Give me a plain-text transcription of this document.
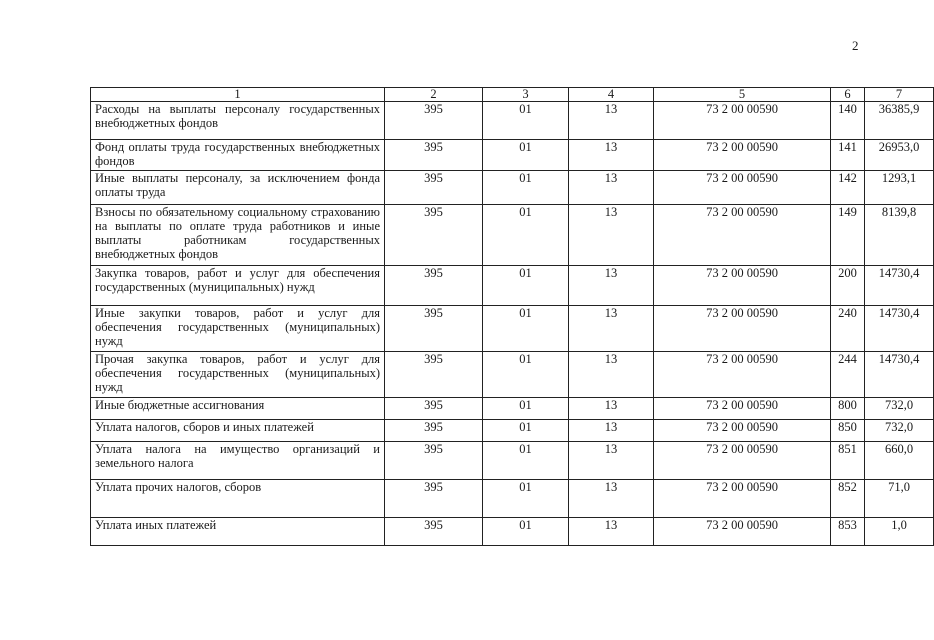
2
1	2	3	4	5	6	7
Расходы на выплаты персоналу государственных внебюджетных фондов	395	01	13	73 2 00 00590	140	36385,9
Фонд оплаты труда государственных внебюджетных фондов	395	01	13	73 2 00 00590	141	26953,0
Иные выплаты персоналу, за исключением фонда оплаты труда	395	01	13	73 2 00 00590	142	1293,1
Взносы по обязательному социальному страхованию на выплаты по оплате труда работников и иные выплаты работникам государственных внебюджетных фондов	395	01	13	73 2 00 00590	149	8139,8
Закупка товаров, работ и услуг для обеспечения государственных (муниципальных) нужд	395	01	13	73 2 00 00590	200	14730,4
Иные закупки товаров, работ и услуг для обеспечения государственных (муниципальных) нужд	395	01	13	73 2 00 00590	240	14730,4
Прочая закупка товаров, работ и услуг для обеспечения государственных (муниципальных) нужд	395	01	13	73 2 00 00590	244	14730,4
Иные бюджетные ассигнования	395	01	13	73 2 00 00590	800	732,0
Уплата налогов, сборов и иных платежей	395	01	13	73 2 00 00590	850	732,0
Уплата налога на имущество организаций и земельного налога	395	01	13	73 2 00 00590	851	660,0
Уплата прочих налогов, сборов	395	01	13	73 2 00 00590	852	71,0
Уплата иных платежей	395	01	13	73 2 00 00590	853	1,0
